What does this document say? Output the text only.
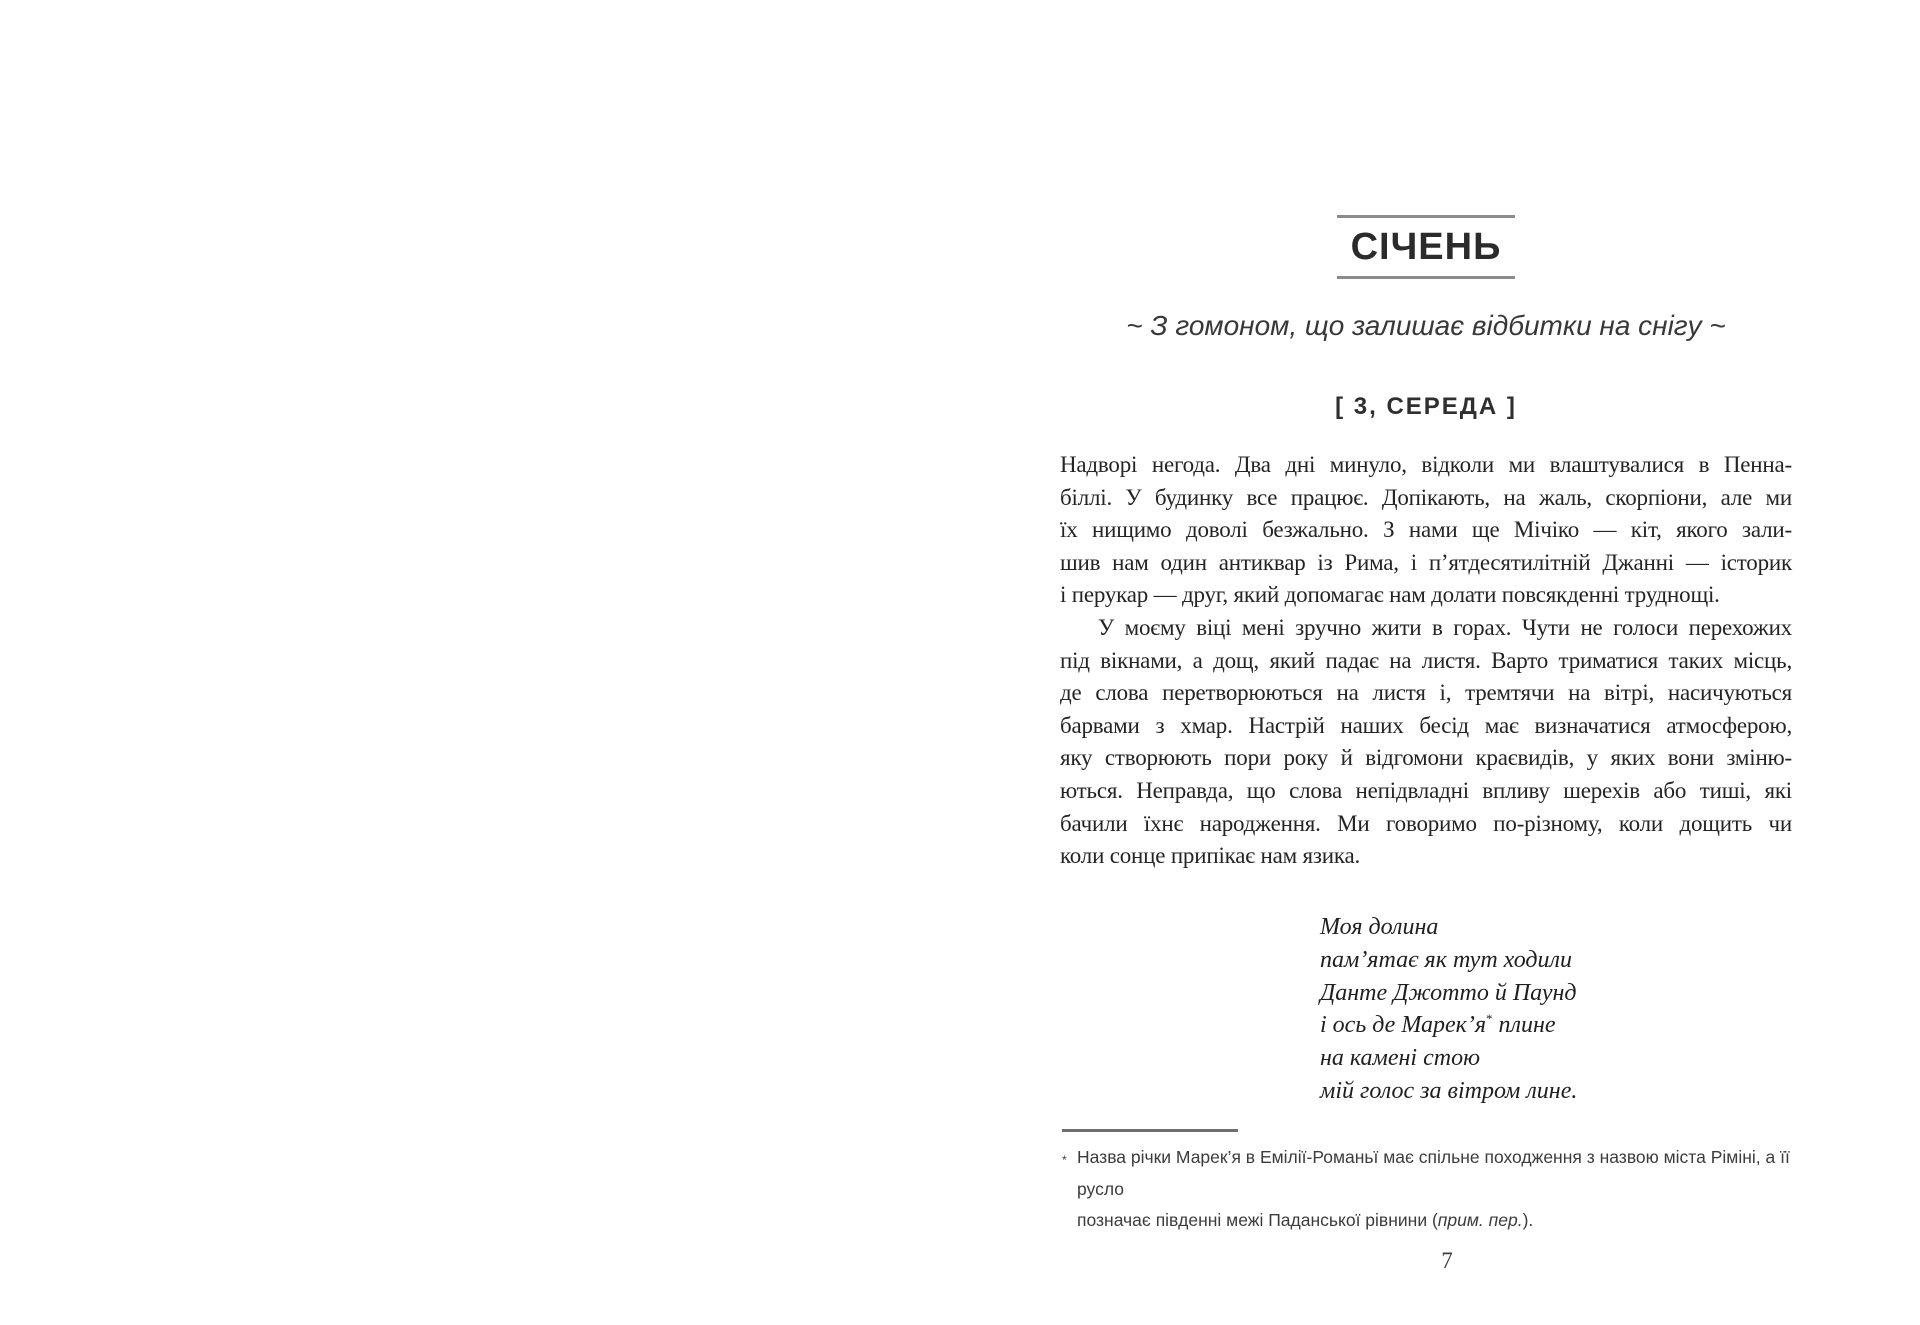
СІЧЕНЬ

~ З гомоном, що залишає відбитки на снігу ~

[ 3, СЕРЕДА ]
Надворі негода. Два дні минуло, відколи ми влаштувалися в Пенна-
біллі. У будинку все працює. Допікають, на жаль, скорпіони, але ми
їх нищимо доволі безжально. З нами ще Мічіко — кіт, якого зали-
шив нам один антиквар із Рима, і п’ятдесятилітній Джанні — історик
і перукар — друг, який допомагає нам долати повсякденні труднощі.
У моєму віці мені зручно жити в горах. Чути не голоси перехожих
під вікнами, а дощ, який падає на листя. Варто триматися таких місць,
де слова перетворюються на листя і, тремтячи на вітрі, насичуються
барвами з хмар. Настрій наших бесід має визначатися атмосферою,
яку створюють пори року й відгомони краєвидів, у яких вони зміню-
ються. Неправда, що слова непідвладні впливу шерехів або тиші, які
бачили їхнє народження. Ми говоримо по-різному, коли дощить чи
коли сонце припікає нам язика.
Моя долина
пам’ятає як тут ходили
Данте Джотто й Паунд
і ось де Марек’я* плине
на камені стою
мій голос за вітром лине.
* Назва річки Марек’я в Емілії-Романьї має спільне походження з назвою міста Ріміні, а її русло
позначає південні межі Паданської рівнини (прим. пер.).
7
